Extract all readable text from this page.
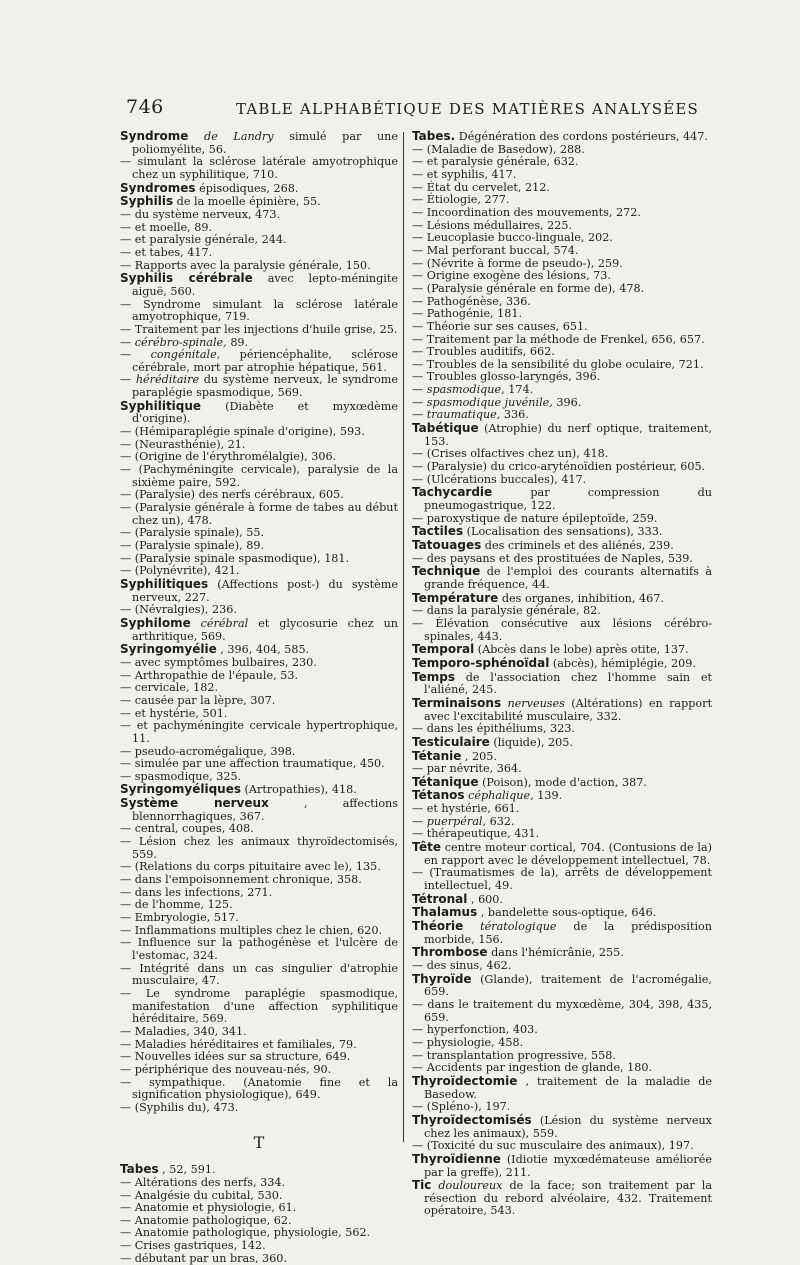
746	TABLE ALPHABÉTIQUE DES MATIÈRES ANALYSÉES

Syndrome de Landry simulé par une poliomyélite, 56.

— simulant la sclérose latérale amyotrophique chez un syphilitique, 710.

Syndromes épisodiques, 268.

Syphilis de la moelle épinière, 55.

— du système nerveux, 473.

— et moelle, 89.

— et paralysie générale, 244.

— et tabes, 417.

— Rapports avec la paralysie générale, 150.

Syphilis cérébrale avec lepto-méningite aiguë, 560.

— Syndrome simulant la sclérose latérale amyotrophique, 719.

— Traitement par les injections d'huile grise, 25.

— cérébro-spinale, 89.

— congénitale, périencéphalite, sclérose cérébrale, mort par atrophie hépatique, 561.

— héréditaire du système nerveux, le syndrome paraplégie spasmodique, 569.

Syphilitique (Diabète et myxœdème d'origine).

— (Hémiparaplégie spinale d'origine), 593.

— (Neurasthénie), 21.

— (Origine de l'érythromélalgie), 306.

— (Pachyméningite cervicale), paralysie de la sixième paire, 592.

— (Paralysie) des nerfs cérébraux, 605.

— (Paralysie générale à forme de tabes au début chez un), 478.

— (Paralysie spinale), 55.

— (Paralysie spinale), 89.

— (Paralysie spinale spasmodique), 181.

— (Polynévrite), 421.

Syphilitiques (Affections post-) du système nerveux, 227.

— (Névralgies), 236.

Syphilome cérébral et glycosurie chez un arthritique, 569.

Syringomyélie , 396, 404, 585.

— avec symptômes bulbaires, 230.

— Arthropathie de l'épaule, 53.

— cervicale, 182.

— causée par la lèpre, 307.

— et hystérie, 501.

— et pachyméningite cervicale hypertrophique, 11.

— pseudo-acromégalique, 398.

— simulée par une affection traumatique, 450.

— spasmodique, 325.

Syringomyéliques (Artropathies), 418.

Système nerveux	, affections blennorrhagiques, 367.

— central, coupes, 408.

— Lésion chez les animaux thyroïdectomisés, 559.

— (Relations du corps pituitaire avec le), 135.

— dans l'empoisonnement chronique, 358.

— dans les infections, 271.

— de l'homme, 125.

— Embryologie, 517.

— Inflammations multiples chez le chien, 620.

— Influence sur la pathogénèse et l'ulcère de l'estomac, 324.

— Intégrité dans un cas singulier d'atrophie musculaire, 47.

— Le syndrome paraplégie spasmodique, manifestation d'une affection syphilitique héréditaire, 569.

— Maladies, 340, 341.

— Maladies héréditaires et familiales, 79.

— Nouvelles idées sur sa structure, 649.

— périphérique des nouveau-nés, 90.

— sympathique. (Anatomie fine et la signification physiologique), 649.

— (Syphilis du), 473.

T

Tabes , 52, 591.

— Altérations des nerfs, 334.

— Analgésie du cubital, 530.

— Anatomie et physiologie, 61.

— Anatomie pathologique, 62.

— Anatomie pathologique, physiologie, 562.

— Crises gastriques, 142.

— débutant par un bras, 360.

Tabes. Dégénération des cordons postérieurs, 447.

— (Maladie de Basedow), 288.

— et paralysie générale, 632.

— et syphilis, 417.

— État du cervelet, 212.

— Étiologie, 277.

— Incoordination des mouvements, 272.

— Lésions médullaires, 225.

— Leucoplasie bucco-linguale, 202.

— Mal perforant buccal, 574.

— (Névrite à forme de pseudo-), 259.

— Origine exogène des lésions, 73.

— (Paralysie générale en forme de), 478.

— Pathogénèse, 336.

— Pathogénie, 181.

— Théorie sur ses causes, 651.

— Traitement par la méthode de Frenkel, 656, 657.

— Troubles auditifs, 662.

— Troubles de la sensibilité du globe oculaire, 721.

— Troubles glosso-laryngés, 396.

— spasmodique, 174.

— spasmodique juvénile, 396.

— traumatique, 336.

Tabétique (Atrophie) du nerf optique, traitement, 153.

— (Crises olfactives chez un), 418.

— (Paralysie) du crico-aryténoïdien postérieur, 605.

— (Ulcérations buccales), 417.

Tachycardie	par compression du pneumogastrique, 122.

— paroxystique de nature épileptoïde, 259.

Tactiles (Localisation des sensations), 333.

Tatouages des criminels et des aliénés, 239.

— des paysans et des prostituées de Naples, 539.

Technique de l'emploi des courants alternatifs à grande fréquence, 44.

Température des organes, inhibition, 467.

— dans la paralysie générale, 82.

— Élévation consécutive aux lésions cérébro-spinales, 443.

Temporal (Abcès dans le lobe) après otite, 137.

Temporo-sphénoïdal (abcès), hémiplégie, 209.

Temps de l'association chez l'homme sain et l'aliéné, 245.

Terminaisons nerveuses (Altérations) en rapport avec l'excitabilité musculaire, 332.

— dans les épithéliums, 323.

Testiculaire (liquide), 205.

Tétanie , 205.

— par névrite, 364.

Tétanique (Poison), mode d'action, 387.

Tétanos céphalique, 139.

— et hystérie, 661.

— puerpéral, 632.

— thérapeutique, 431.

Tête centre moteur cortical, 704. (Contusions de la) en rapport avec le développement intellectuel, 78.

— (Traumatismes de la), arrêts de développement intellectuel, 49.

Tétronal , 600.

Thalamus , bandelette sous-optique, 646.

Théorie tératologique de la prédisposition morbide, 156.

Thrombose dans l'hémicrânie, 255.

— des sinus, 462.

Thyroïde (Glande), traitement de l'acromégalie, 659.

— dans le traitement du myxœdème, 304, 398, 435, 659.

— hyperfonction, 403.

— physiologie, 458.

— transplantation progressive, 558.

— Accidents par ingestion de glande, 180.

Thyroïdectomie , traitement de la maladie de Basedow.

— (Spléno-), 197.

Thyroïdectomisés (Lésion du système nerveux chez les animaux), 559.

— (Toxicité du suc musculaire des animaux), 197.

Thyroïdienne (Idiotie myxœdémateuse améliorée par la greffe), 211.

Tic douloureux de la face; son traitement par la résection du rebord alvéolaire, 432. Traitement opératoire, 543.
